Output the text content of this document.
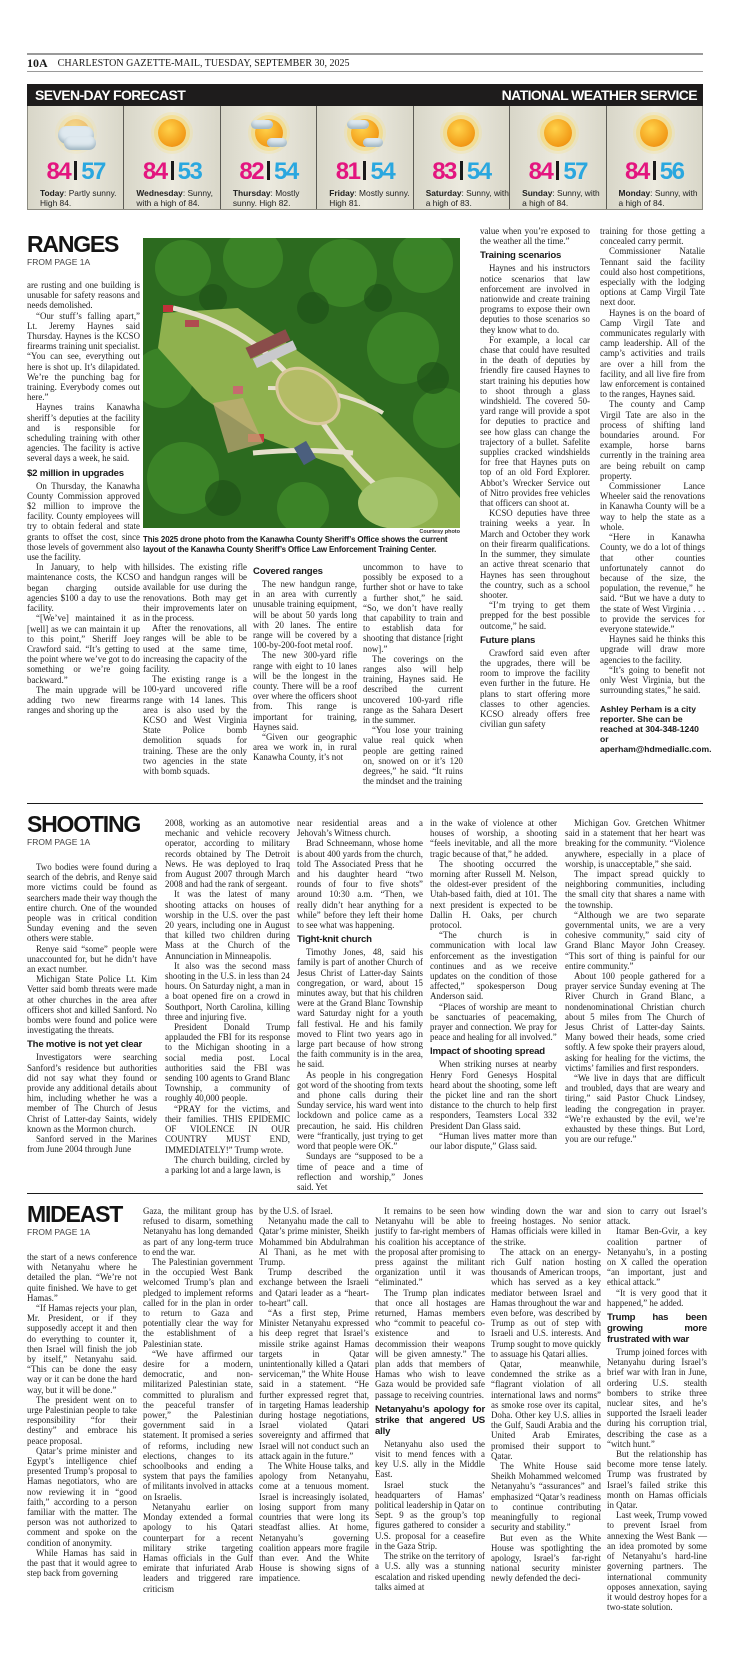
10A CHARLESTON GAZETTE-MAIL, TUESDAY, SEPTEMBER 30, 2025
SEVEN-DAY FORECAST	NATIONAL WEATHER SERVICE
84 57
Today: Partly sunny. High 84.
84 53
Wednesday: Sunny, with a high of 84.
82 54
Thursday: Mostly sunny. High 82.
81 54
Friday: Mostly sunny. High 81.
83 54
Saturday: Sunny, with a high of 83.
84 57
Sunday: Sunny, with a high of 84.
84 56
Monday: Sunny, with a high of 84.
RANGES
FROM PAGE 1A
Courtesy photo
This 2025 drone photo from the Kanawha County Sheriff’s Office shows the current layout of the Kanawha County Sheriff’s Office Law Enforcement Training Center.

are rusting and one building is unusable for safety reasons and needs demolished.

“Our stuff’s falling apart,” Lt. Jeremy Haynes said Thursday. Haynes is the KCSO firearms training unit specialist. “You can see, everything out here is shot up. It’s dilapidated. We’re the punching bag for training. Everybody comes out here.”

Haynes trains Kanawha sheriff’s deputies at the facility and is responsible for scheduling training with other agencies. The facility is active several days a week, he said.

$2 million in upgrades

On Thursday, the Kanawha County Commission approved $2 million to improve the facility. County employees will try to obtain federal and state grants to offset the cost, since those levels of government also use the facility.

In January, to help with maintenance costs, the KCSO began charging outside agencies $100 a day to use the facility.

“[We’ve] maintained it as [well] as we can maintain it up to this point,” Sheriff Joey Crawford said. “It’s getting to the point where we’ve got to do something or we’re going backward.”

The main upgrade will be adding two new firearms ranges and shoring up the

hillsides. The existing rifle and handgun ranges will be available for use during the renovations. Both may get their improvements later on in the process.

After the renovations, all ranges will be able to be used at the same time, increasing the capacity of the facility.

The existing range is a 100-yard uncovered rifle range with 14 lanes. This area is also used by the KCSO and West Virginia State Police bomb demolition squads for training. These are the only two agencies in the state with bomb squads.

Covered ranges

The new handgun range, in an area with currently unusable training equipment, will be about 50 yards long with 20 lanes. The entire range will be covered by a 100-by-200-foot metal roof.

The new 300-yard rifle range with eight to 10 lanes will be the longest in the county. There will be a roof over where the officers shoot from. This range is important for training, Haynes said.

“Given our geographic area we work in, in rural Kanawha County, it’s not

uncommon to have to possibly be exposed to a further shot or have to take a further shot,” he said. “So, we don’t have really that capability to train and to establish data for shooting that distance [right now].”

The coverings on the ranges also will help training, Haynes said. He described the current uncovered 100-yard rifle range as the Sahara Desert in the summer.

“You lose your training value real quick when people are getting rained on, snowed on or it’s 120 degrees,” he said. “It ruins the mindset and the training

value when you’re exposed to the weather all the time.”

Training scenarios

Haynes and his instructors notice scenarios that law enforcement are involved in nationwide and create training programs to expose their own deputies to those scenarios so they know what to do.

For example, a local car chase that could have resulted in the death of deputies by friendly fire caused Haynes to start training his deputies how to shoot through a glass windshield. The covered 50-yard range will provide a spot for deputies to practice and see how glass can change the trajectory of a bullet. Safelite supplies cracked windshields for free that Haynes puts on top of an old Ford Explorer. Abbot’s Wrecker Service out of Nitro provides free vehicles that officers can shoot at.

KCSO deputies have three training weeks a year. In March and October they work on their firearm qualifications. In the summer, they simulate an active threat scenario that Haynes has seen throughout the country, such as a school shooter.

“I’m trying to get them prepped for the best possible outcome,” he said.

Future plans

Crawford said even after the upgrades, there will be room to improve the facility even further in the future. He plans to start offering more classes to other agencies. KCSO already offers free civilian gun safety

training for those getting a concealed carry permit.

Commissioner Natalie Tennant said the facility could also host competitions, especially with the lodging options at Camp Virgil Tate next door.

Haynes is on the board of Camp Virgil Tate and communicates regularly with camp leadership. All of the camp’s activities and trails are over a hill from the facility, and all live fire from law enforcement is contained to the ranges, Haynes said.

The county and Camp Virgil Tate are also in the process of shifting land boundaries around. For example, horse barns currently in the training area are being rebuilt on camp property.

Commissioner Lance Wheeler said the renovations in Kanawha County will be a way to help the state as a whole.

“Here in Kanawha County, we do a lot of things that other counties unfortunately cannot do because of the size, the population, the revenue,” he said. “But we have a duty to the state of West Virginia . . . to provide the services for everyone statewide.”

Haynes said he thinks this upgrade will draw more agencies to the facility.

“It’s going to benefit not only West Virginia, but the surrounding states,” he said.

Ashley Perham is a city reporter. She can be reached at 304-348-1240 or aperham@hdmediallc.com.
SHOOTING
FROM PAGE 1A

Two bodies were found during a search of the debris, and Renye said more victims could be found as searchers made their way though the entire church. One of the wounded people was in critical condition Sunday evening and the seven others were stable.

Renye said “some” people were unaccounted for, but he didn’t have an exact number.

Michigan State Police Lt. Kim Vetter said bomb threats were made at other churches in the area after officers shot and killed Sanford. No bombs were found and police were investigating the threats.

The motive is not yet clear

Investigators were searching Sanford’s residence but authorities did not say what they found or provide any additional details about him, including whether he was a member of The Church of Jesus Christ of Latter-day Saints, widely known as the Mormon church.

Sanford served in the Marines from June 2004 through June

2008, working as an automotive mechanic and vehicle recovery operator, according to military records obtained by The Detroit News. He was deployed to Iraq from August 2007 through March 2008 and had the rank of sergeant.

It was the latest of many shooting attacks on houses of worship in the U.S. over the past 20 years, including one in August that killed two children during Mass at the Church of the Annunciation in Minneapolis.

It also was the second mass shooting in the U.S. in less than 24 hours. On Saturday night, a man in a boat opened fire on a crowd in Southport, North Carolina, killing three and injuring five.

President Donald Trump applauded the FBI for its response to the Michigan shooting in a social media post. Local authorities said the FBI was sending 100 agents to Grand Blanc Township, a community of roughly 40,000 people.

“PRAY for the victims, and their families. THIS EPIDEMIC OF VIOLENCE IN OUR COUNTRY MUST END, IMMEDIATELY!” Trump wrote.

The church building, circled by a parking lot and a large lawn, is

near residential areas and a Jehovah’s Witness church.

Brad Schneemann, whose home is about 400 yards from the church, told The Associated Press that he and his daughter heard “two rounds of four to five shots” around 10:30 a.m. “Then, we really didn’t hear anything for a while” before they left their home to see what was happening.

Tight-knit church

Timothy Jones, 48, said his family is part of another Church of Jesus Christ of Latter-day Saints congregation, or ward, about 15 minutes away, but that his children were at the Grand Blanc Township ward Saturday night for a youth fall festival. He and his family moved to Flint two years ago in large part because of how strong the faith community is in the area, he said.

As people in his congregation got word of the shooting from texts and phone calls during their Sunday service, his ward went into lockdown and police came as a precaution, he said. His children were “frantically, just trying to get word that people were OK.”

Sundays are “supposed to be a time of peace and a time of reflection and worship,” Jones said. Yet

in the wake of violence at other houses of worship, a shooting “feels inevitable, and all the more tragic because of that,” he added.

The shooting occurred the morning after Russell M. Nelson, the oldest-ever president of the Utah-based faith, died at 101. The next president is expected to be Dallin H. Oaks, per church protocol.

“The church is in communication with local law enforcement as the investigation continues and as we receive updates on the condition of those affected,” spokesperson Doug Anderson said.

“Places of worship are meant to be sanctuaries of peacemaking, prayer and connection. We pray for peace and healing for all involved.”

Impact of shooting spread

When striking nurses at nearby Henry Ford Genesys Hospital heard about the shooting, some left the picket line and ran the short distance to the church to help first responders, Teamsters Local 332 President Dan Glass said.

“Human lives matter more than our labor dispute,” Glass said.

Michigan Gov. Gretchen Whitmer said in a statement that her heart was breaking for the community. “Violence anywhere, especially in a place of worship, is unacceptable,” she said.

The impact spread quickly to neighboring communities, including the small city that shares a name with the township.

“Although we are two separate governmental units, we are a very cohesive community,” said city of Grand Blanc Mayor John Creasey. “This sort of thing is painful for our entire community.”

About 100 people gathered for a prayer service Sunday evening at The River Church in Grand Blanc, a nondenominational Christian church about 5 miles from The Church of Jesus Christ of Latter-day Saints. Many bowed their heads, some cried softly. A few spoke their prayers aloud, asking for healing for the victims, the victims’ families and first responders.

“We live in days that are difficult and troubled, days that are weary and tiring,” said Pastor Chuck Lindsey, leading the congregation in prayer. “We’re exhausted by the evil, we’re exhausted by these things. But Lord, you are our refuge.”

MIDEAST
FROM PAGE 1A

the start of a news conference with Netanyahu where he detailed the plan. “We’re not quite finished. We have to get Hamas.”

“If Hamas rejects your plan, Mr. President, or if they supposedly accept it and then do everything to counter it, then Israel will finish the job by itself,” Netanyahu said. “This can be done the easy way or it can be done the hard way, but it will be done.”

The president went on to urge Palestinian people to take responsibility “for their destiny” and embrace his peace proposal.

Qatar’s prime minister and Egypt’s intelligence chief presented Trump’s proposal to Hamas negotiators, who are now reviewing it in “good faith,” according to a person familiar with the matter. The person was not authorized to comment and spoke on the condition of anonymity.

While Hamas has said in the past that it would agree to step back from governing

Gaza, the militant group has refused to disarm, something Netanyahu has long demanded as part of any long-term truce to end the war.

The Palestinian government in the occupied West Bank welcomed Trump’s plan and pledged to implement reforms called for in the plan in order to return to Gaza and potentially clear the way for the establishment of a Palestinian state.

“We have affirmed our desire for a modern, democratic, and non-militarized Palestinian state, committed to pluralism and the peaceful transfer of power,” the Palestinian government said in a statement. It promised a series of reforms, including new elections, changes to its schoolbooks and ending a system that pays the families of militants involved in attacks on Israelis.

Netanyahu earlier on Monday extended a formal apology to his Qatari counterpart for a recent military strike targeting Hamas officials in the Gulf emirate that infuriated Arab leaders and triggered rare criticism

by the U.S. of Israel.

Netanyahu made the call to Qatar’s prime minister, Sheikh Mohammed bin Abdulrahman Al Thani, as he met with Trump.

Trump described the exchange between the Israeli and Qatari leader as a “heart-to-heart” call.

“As a first step, Prime Minister Netanyahu expressed his deep regret that Israel’s missile strike against Hamas targets in Qatar unintentionally killed a Qatari serviceman,” the White House said in a statement. “He further expressed regret that, in targeting Hamas leadership during hostage negotiations, Israel violated Qatari sovereignty and affirmed that Israel will not conduct such an attack again in the future.”

The White House talks, and apology from Netanyahu, come at a tenuous moment. Israel is increasingly isolated, losing support from many countries that were long its steadfast allies. At home, Netanyahu’s governing coalition appears more fragile than ever. And the White House is showing signs of impatience.

It remains to be seen how Netanyahu will be able to justify to far-right members of his coalition his acceptance of the proposal after promising to press against the militant organization until it was “eliminated.”

The Trump plan indicates that once all hostages are returned, Hamas members who “commit to peaceful co-existence and to decommission their weapons will be given amnesty.” The plan adds that members of Hamas who wish to leave Gaza would be provided safe passage to receiving countries.

Netanyahu’s apology for strike that angered US ally

Netanyahu also used the visit to mend fences with a key U.S. ally in the Middle East.

Israel stuck the headquarters of Hamas’ political leadership in Qatar on Sept. 9 as the group’s top figures gathered to consider a U.S. proposal for a ceasefire in the Gaza Strip.

The strike on the territory of a U.S. ally was a stunning escalation and risked upending talks aimed at

winding down the war and freeing hostages. No senior Hamas officials were killed in the strike.

The attack on an energy-rich Gulf nation hosting thousands of American troops, which has served as a key mediator between Israel and Hamas throughout the war and even before, was described by Trump as out of step with Israeli and U.S. interests. And Trump sought to move quickly to assuage his Qatari allies.

Qatar, meanwhile, condemned the strike as a “flagrant violation of all international laws and norms” as smoke rose over its capital, Doha. Other key U.S. allies in the Gulf, Saudi Arabia and the United Arab Emirates, promised their support to Qatar.

The White House said Sheikh Mohammed welcomed Netanyahu’s “assurances” and emphasized “Qatar’s readiness to continue contributing meaningfully to regional security and stability.”

But even as the White House was spotlighting the apology, Israel’s far-right national security minister newly defended the deci-

sion to carry out Israel’s attack.

Itamar Ben-Gvir, a key coalition partner of Netanyahu’s, in a posting on X called the operation “an important, just and ethical attack.”

“It is very good that it happened,” he added.

Trump has been growing more frustrated with war

Trump joined forces with Netanyahu during Israel’s brief war with Iran in June, ordering U.S. stealth bombers to strike three nuclear sites, and he’s supported the Israeli leader during his corruption trial, describing the case as a “witch hunt.”

But the relationship has become more tense lately. Trump was frustrated by Israel’s failed strike this month on Hamas officials in Qatar.

Last week, Trump vowed to prevent Israel from annexing the West Bank — an idea promoted by some of Netanyahu’s hard-line governing partners. The international community opposes annexation, saying it would destroy hopes for a two-state solution.
